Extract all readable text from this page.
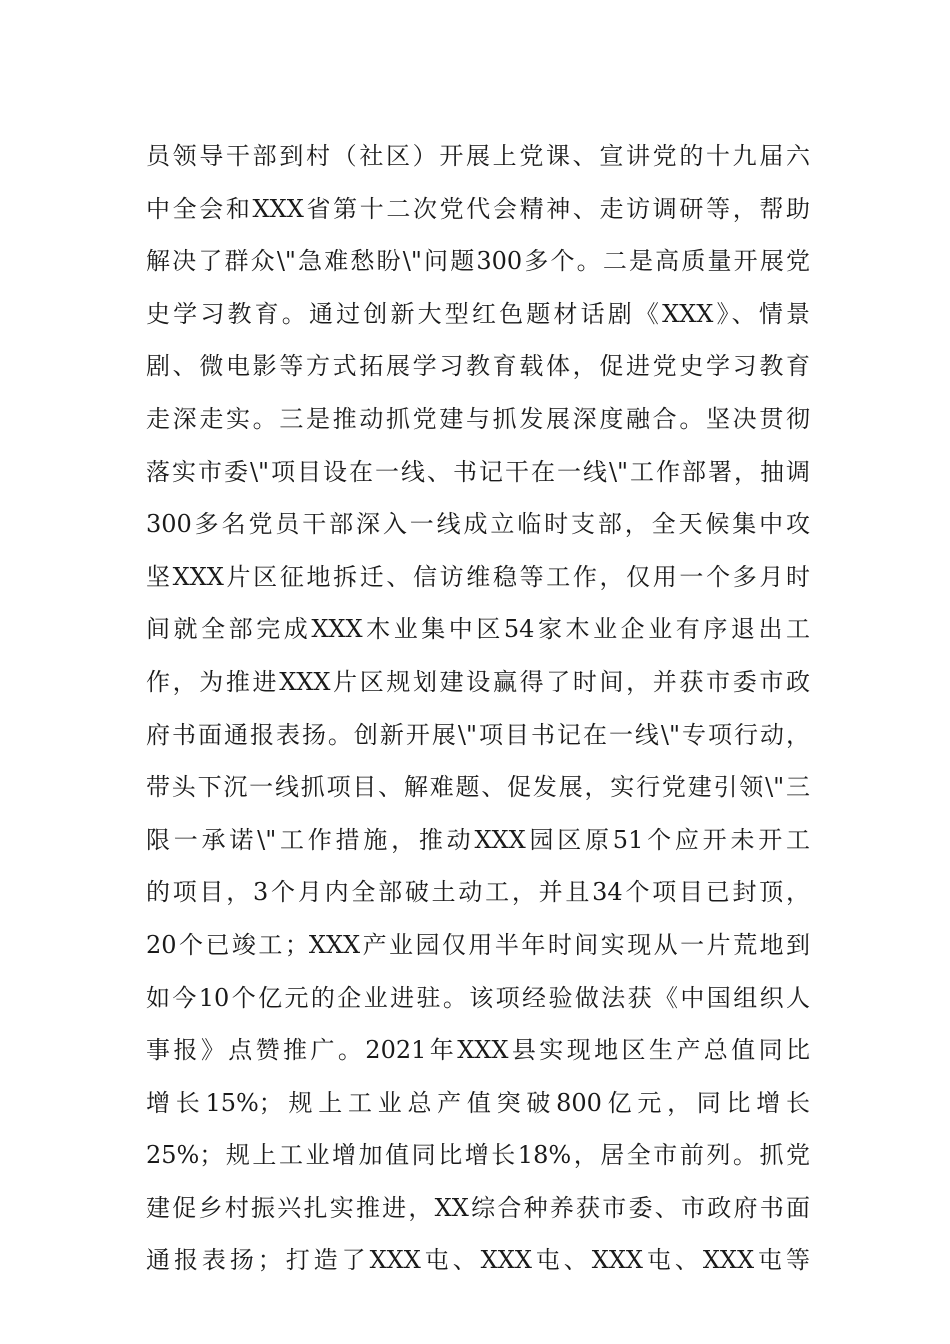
员领导干部到村（社区）开展上党课、宣讲党的十九届六
中全会和XXX省第十二次党代会精神、走访调研等，帮助
解决了群众\"急难愁盼\"问题300多个。二是高质量开展党
史学习教育。通过创新大型红色题材话剧《XXX》、情景
剧、微电影等方式拓展学习教育载体，促进党史学习教育
走深走实。三是推动抓党建与抓发展深度融合。坚决贯彻
落实市委\"项目设在一线、书记干在一线\"工作部署，抽调
300多名党员干部深入一线成立临时支部，全天候集中攻
坚XXX片区征地拆迁、信访维稳等工作，仅用一个多月时
间就全部完成XXX木业集中区54家木业企业有序退出工
作，为推进XXX片区规划建设赢得了时间，并获市委市政
府书面通报表扬。创新开展\"项目书记在一线\"专项行动，
带头下沉一线抓项目、解难题、促发展，实行党建引领\"三
限一承诺\"工作措施，推动XXX园区原51个应开未开工
的项目，3个月内全部破土动工，并且34个项目已封顶，
20个已竣工；XXX产业园仅用半年时间实现从一片荒地到
如今10个亿元的企业进驻。该项经验做法获《中国组织人
事报》点赞推广。2021年XXX县实现地区生产总值同比
增长15%；规上工业总产值突破800亿元，同比增长
25%；规上工业增加值同比增长18%，居全市前列。抓党
建促乡村振兴扎实推进，XX综合种养获市委、市政府书面
通报表扬；打造了XXX屯、XXX屯、XXX屯、XXX屯等
